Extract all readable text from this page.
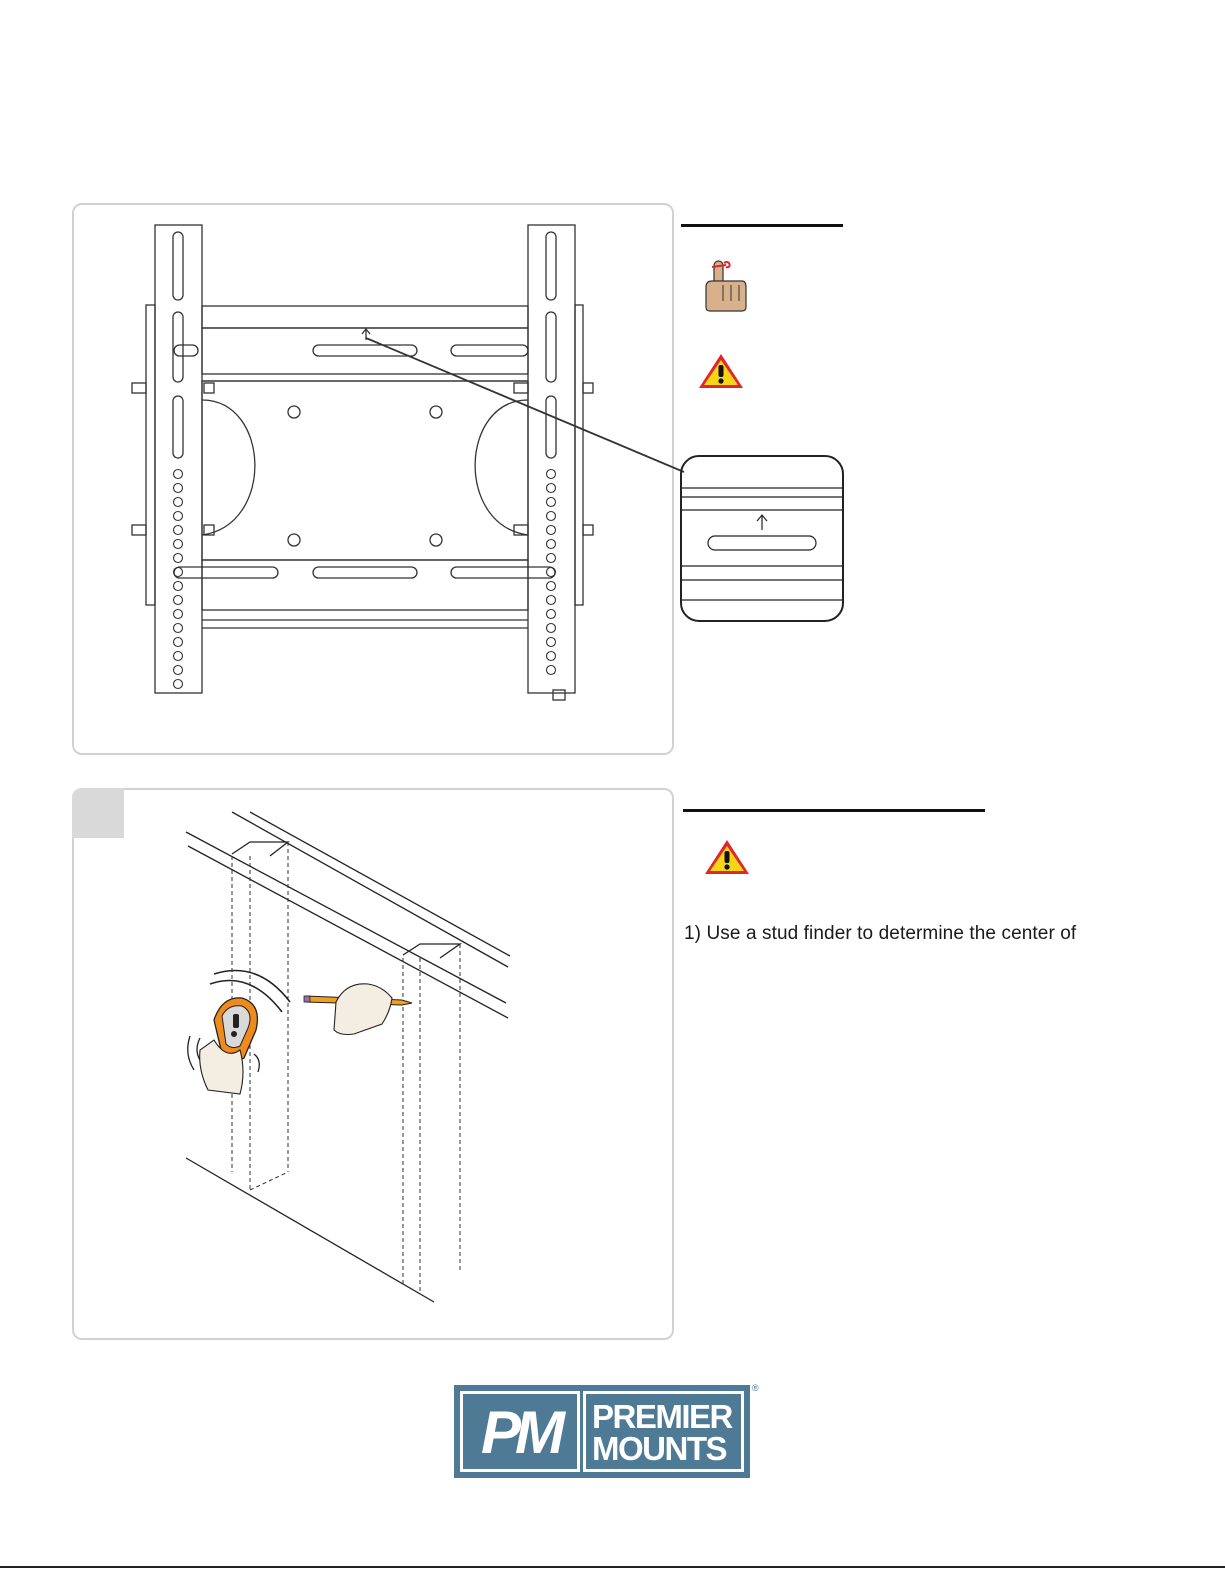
1) Use a stud finder to determine the center of
PM	PREMIER
MOUNTS
®
